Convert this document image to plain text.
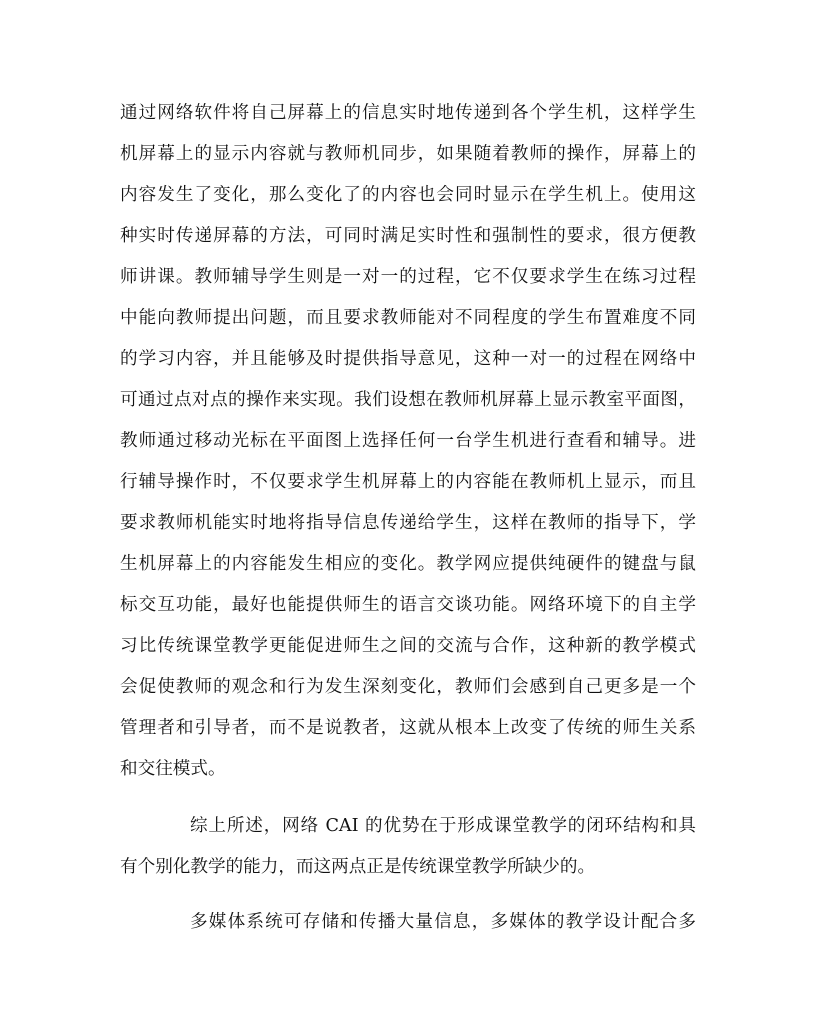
通过网络软件将自己屏幕上的信息实时地传递到各个学生机，这样学生

机屏幕上的显示内容就与教师机同步，如果随着教师的操作，屏幕上的

内容发生了变化，那么变化了的内容也会同时显示在学生机上。使用这

种实时传递屏幕的方法，可同时满足实时性和强制性的要求，很方便教

师讲课。教师辅导学生则是一对一的过程，它不仅要求学生在练习过程

中能向教师提出问题，而且要求教师能对不同程度的学生布置难度不同

的学习内容，并且能够及时提供指导意见，这种一对一的过程在网络中

可通过点对点的操作来实现。我们设想在教师机屏幕上显示教室平面图，

教师通过移动光标在平面图上选择任何一台学生机进行查看和辅导。进

行辅导操作时，不仅要求学生机屏幕上的内容能在教师机上显示，而且

要求教师机能实时地将指导信息传递给学生，这样在教师的指导下，学

生机屏幕上的内容能发生相应的变化。教学网应提供纯硬件的键盘与鼠

标交互功能，最好也能提供师生的语言交谈功能。网络环境下的自主学

习比传统课堂教学更能促进师生之间的交流与合作，这种新的教学模式

会促使教师的观念和行为发生深刻变化，教师们会感到自己更多是一个

管理者和引导者，而不是说教者，这就从根本上改变了传统的师生关系

和交往模式。

综上所述，网络 CAI 的优势在于形成课堂教学的闭环结构和具

有个别化教学的能力，而这两点正是传统课堂教学所缺少的。

多媒体系统可存储和传播大量信息，多媒体的教学设计配合多
